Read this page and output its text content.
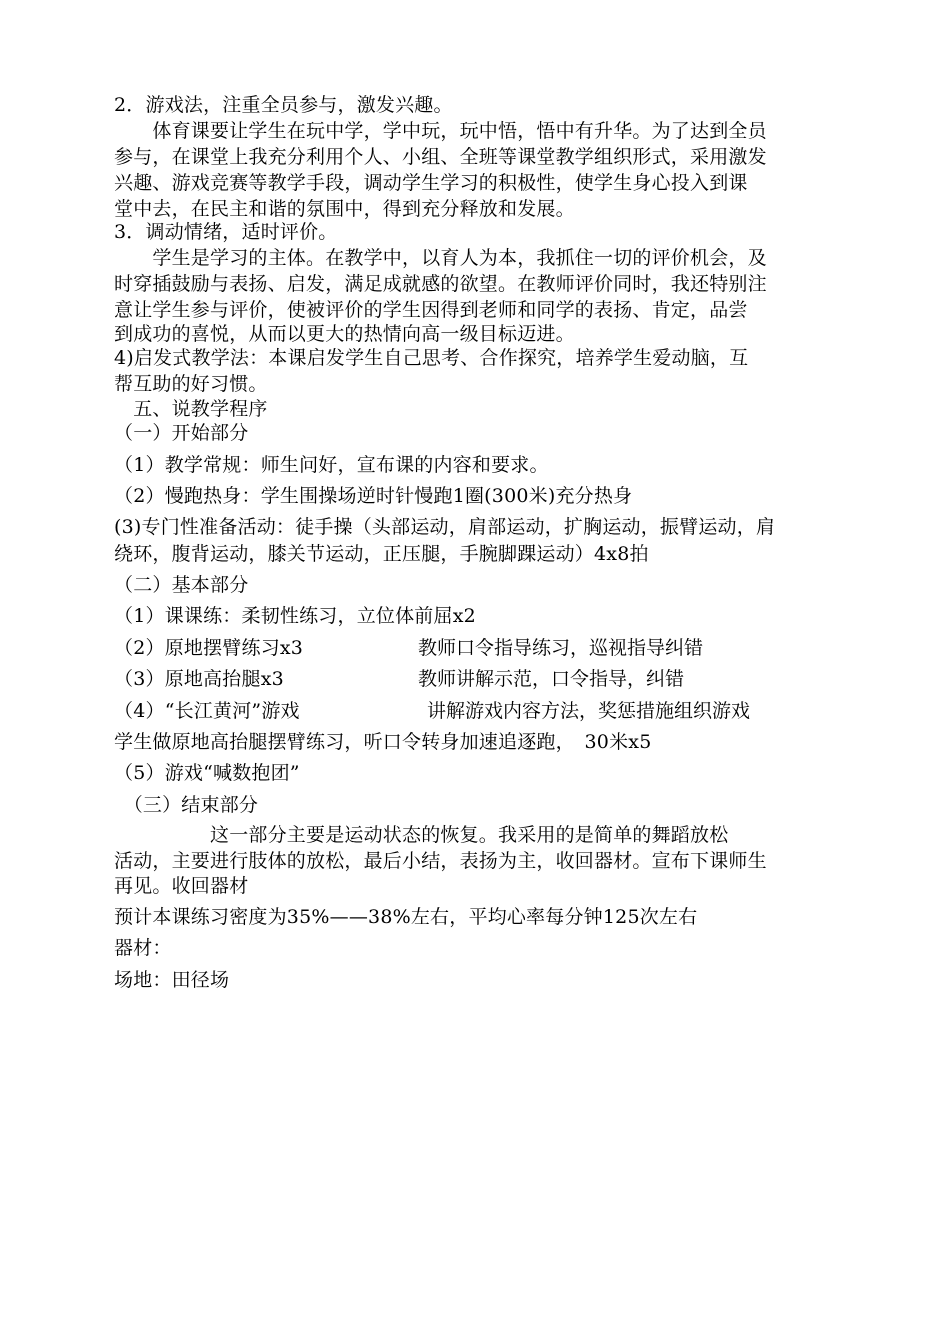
2．游戏法，注重全员参与，激发兴趣。
　　体育课要让学生在玩中学，学中玩，玩中悟，悟中有升华。为了达到全员
参与，在课堂上我充分利用个人、小组、全班等课堂教学组织形式，采用激发
兴趣、游戏竞赛等教学手段，调动学生学习的积极性，使学生身心投入到课
堂中去，在民主和谐的氛围中，得到充分释放和发展。
3．调动情绪，适时评价。
　　学生是学习的主体。在教学中，以育人为本，我抓住一切的评价机会，及
时穿插鼓励与表扬、启发，满足成就感的欲望。在教师评价同时，我还特别注
意让学生参与评价，使被评价的学生因得到老师和同学的表扬、肯定，品尝
到成功的喜悦，从而以更大的热情向高一级目标迈进。
4)启发式教学法：本课启发学生自己思考、合作探究，培养学生爱动脑，互
帮互助的好习惯。
　五、说教学程序
（一）开始部分
（1）教学常规：师生问好，宣布课的内容和要求。
（2）慢跑热身：学生围操场逆时针慢跑1圈(300米)充分热身
(3)专门性准备活动：徒手操（头部运动，肩部运动，扩胸运动，振臂运动，肩
绕环，腹背运动，膝关节运动，正压腿，手腕脚踝运动）4x8拍
（二）基本部分
（1）课课练：柔韧性练习，立位体前屈x2
（2）原地摆臂练习x3	教师口令指导练习，巡视指导纠错
（3）原地高抬腿x3	教师讲解示范，口令指导，纠错
（4）“长江黄河”游戏	讲解游戏内容方法，奖惩措施组织游戏
学生做原地高抬腿摆臂练习，听口令转身加速追逐跑，　30米x5
（5）游戏“喊数抱团”
　（三）结束部分
　　　　　这一部分主要是运动状态的恢复。我采用的是简单的舞蹈放松
活动，主要进行肢体的放松，最后小结，表扬为主，收回器材。宣布下课师生
再见。收回器材
预计本课练习密度为35%——38%左右，平均心率每分钟125次左右
器材：
场地：田径场
